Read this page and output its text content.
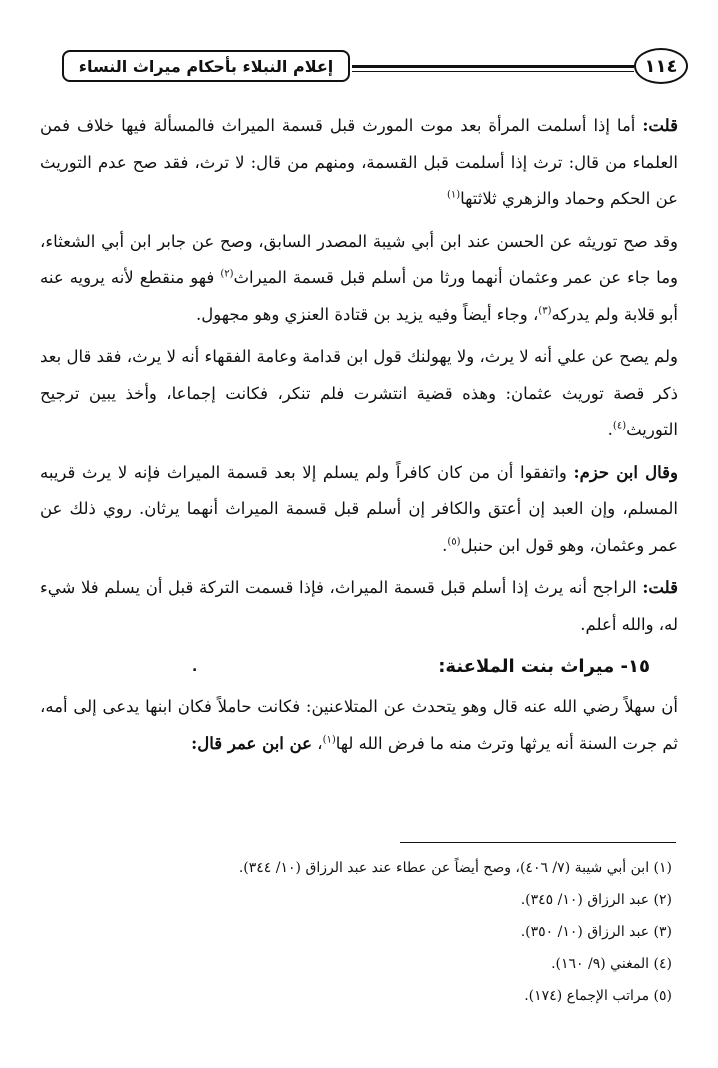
إعلام النبلاء بأحكام ميراث النساء	١١٤

قلت: أما إذا أسلمت المرأة بعد موت المورث قبل قسمة الميراث فالمسألة فيها خلاف فمن العلماء من قال: ترث إذا أسلمت قبل القسمة، ومنهم من قال: لا ترث، فقد صح عدم التوريث عن الحكم وحماد والزهري ثلاثتها$^{(١)}$

وقد صح توريثه عن الحسن عند ابن أبي شيبة المصدر السابق، وصح عن جابر ابن أبي الشعثاء، وما جاء عن عمر وعثمان أنهما ورثا من أسلم قبل قسمة الميراث$^{(٢)}$ فهو منقطع لأنه يرويه عنه أبو قلابة ولم يدركه$^{(٣)}$، وجاء أيضاً وفيه يزيد بن قتادة العنزي وهو مجهول.

ولم يصح عن علي أنه لا يرث، ولا يهولنك قول ابن قدامة وعامة الفقهاء أنه لا يرث، فقد قال بعد ذكر قصة توريث عثمان: وهذه قضية انتشرت فلم تنكر، فكانت إجماعا، وأخذ يبين ترجيح التوريث$^{(٤)}$.

وقال ابن حزم: واتفقوا أن من كان كافراً ولم يسلم إلا بعد قسمة الميراث فإنه لا يرث قريبه المسلم، وإن العبد إن أعتق والكافر إن أسلم قبل قسمة الميراث أنهما يرثان. روي ذلك عن عمر وعثمان، وهو قول ابن حنبل$^{(٥)}$.

قلت: الراجح أنه يرث إذا أسلم قبل قسمة الميراث، فإذا قسمت التركة قبل أن يسلم فلا شيء له، والله أعلم.

١٥- ميراث بنت الملاعنة:
.

أن سهلاً رضي الله عنه قال وهو يتحدث عن المتلاعنين: فكانت حاملاً فكان ابنها يدعى إلى أمه، ثم جرت السنة أنه يرثها وترث منه ما فرض الله لها$^{(١)}$، عن ابن عمر قال:

(١) ابن أبي شيبة (٧/ ٤٠٦)، وصح أيضاً عن عطاء عند عبد الرزاق (١٠/ ٣٤٤).

(٢) عبد الرزاق (١٠/ ٣٤٥).

(٣) عبد الرزاق (١٠/ ٣٥٠).

(٤) المغني (٩/ ١٦٠).

(٥) مراتب الإجماع (١٧٤).
